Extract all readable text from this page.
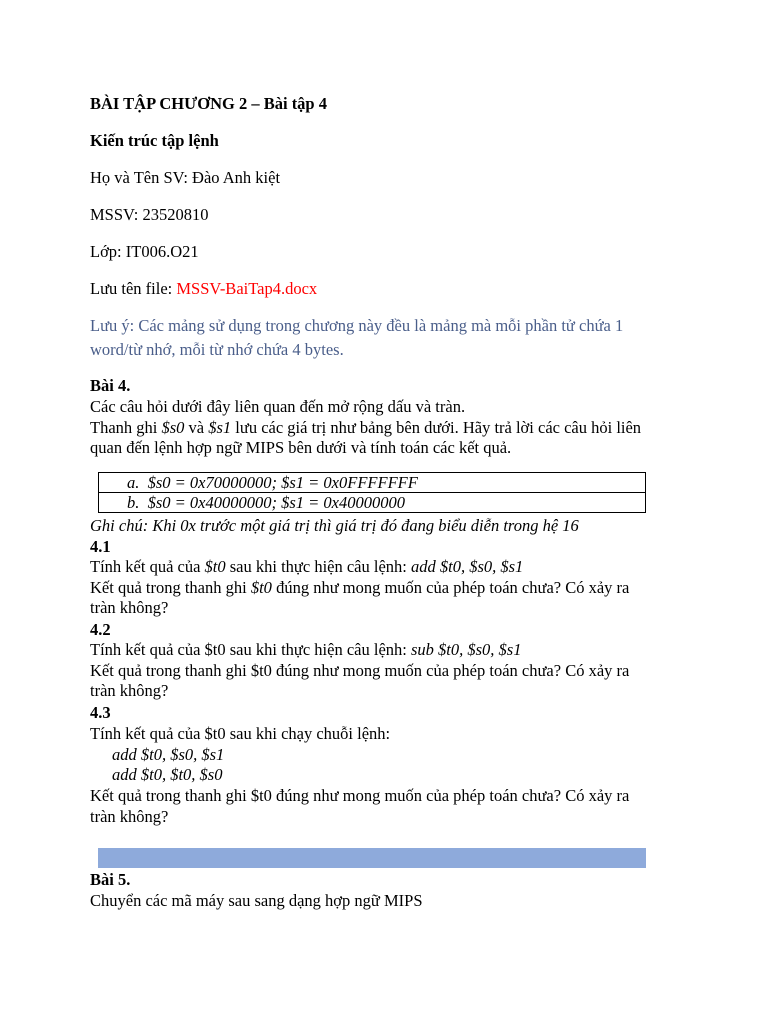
BÀI TẬP CHƯƠNG 2 – Bài tập 4
Kiến trúc tập lệnh
Họ và Tên SV: Đào Anh kiệt
MSSV: 23520810
Lớp: IT006.O21
Lưu tên file: MSSV-BaiTap4.docx
Lưu ý: Các mảng sử dụng trong chương này đều là mảng mà mỗi phần tử chứa 1
word/từ nhớ, mỗi từ nhớ chứa 4 bytes.
Bài 4.
Các câu hỏi dưới đây liên quan đến mở rộng dấu và tràn.
Thanh ghi $s0 và $s1 lưu các giá trị như bảng bên dưới. Hãy trả lời các câu hỏi liên
quan đến lệnh hợp ngữ MIPS bên dưới và tính toán các kết quả.
a. $s0 = 0x70000000; $s1 = 0x0FFFFFFF
b. $s0 = 0x40000000; $s1 = 0x40000000
Ghi chú: Khi 0x trước một giá trị thì giá trị đó đang biểu diễn trong hệ 16
4.1
Tính kết quả của $t0 sau khi thực hiện câu lệnh: add $t0, $s0, $s1
Kết quả trong thanh ghi $t0 đúng như mong muốn của phép toán chưa? Có xảy ra
tràn không?
4.2
Tính kết quả của $t0 sau khi thực hiện câu lệnh: sub $t0, $s0, $s1
Kết quả trong thanh ghi $t0 đúng như mong muốn của phép toán chưa? Có xảy ra
tràn không?
4.3
Tính kết quả của $t0 sau khi chạy chuỗi lệnh:
add $t0, $s0, $s1
add $t0, $t0, $s0
Kết quả trong thanh ghi $t0 đúng như mong muốn của phép toán chưa? Có xảy ra
tràn không?
Bài 5.
Chuyển các mã máy sau sang dạng hợp ngữ MIPS
